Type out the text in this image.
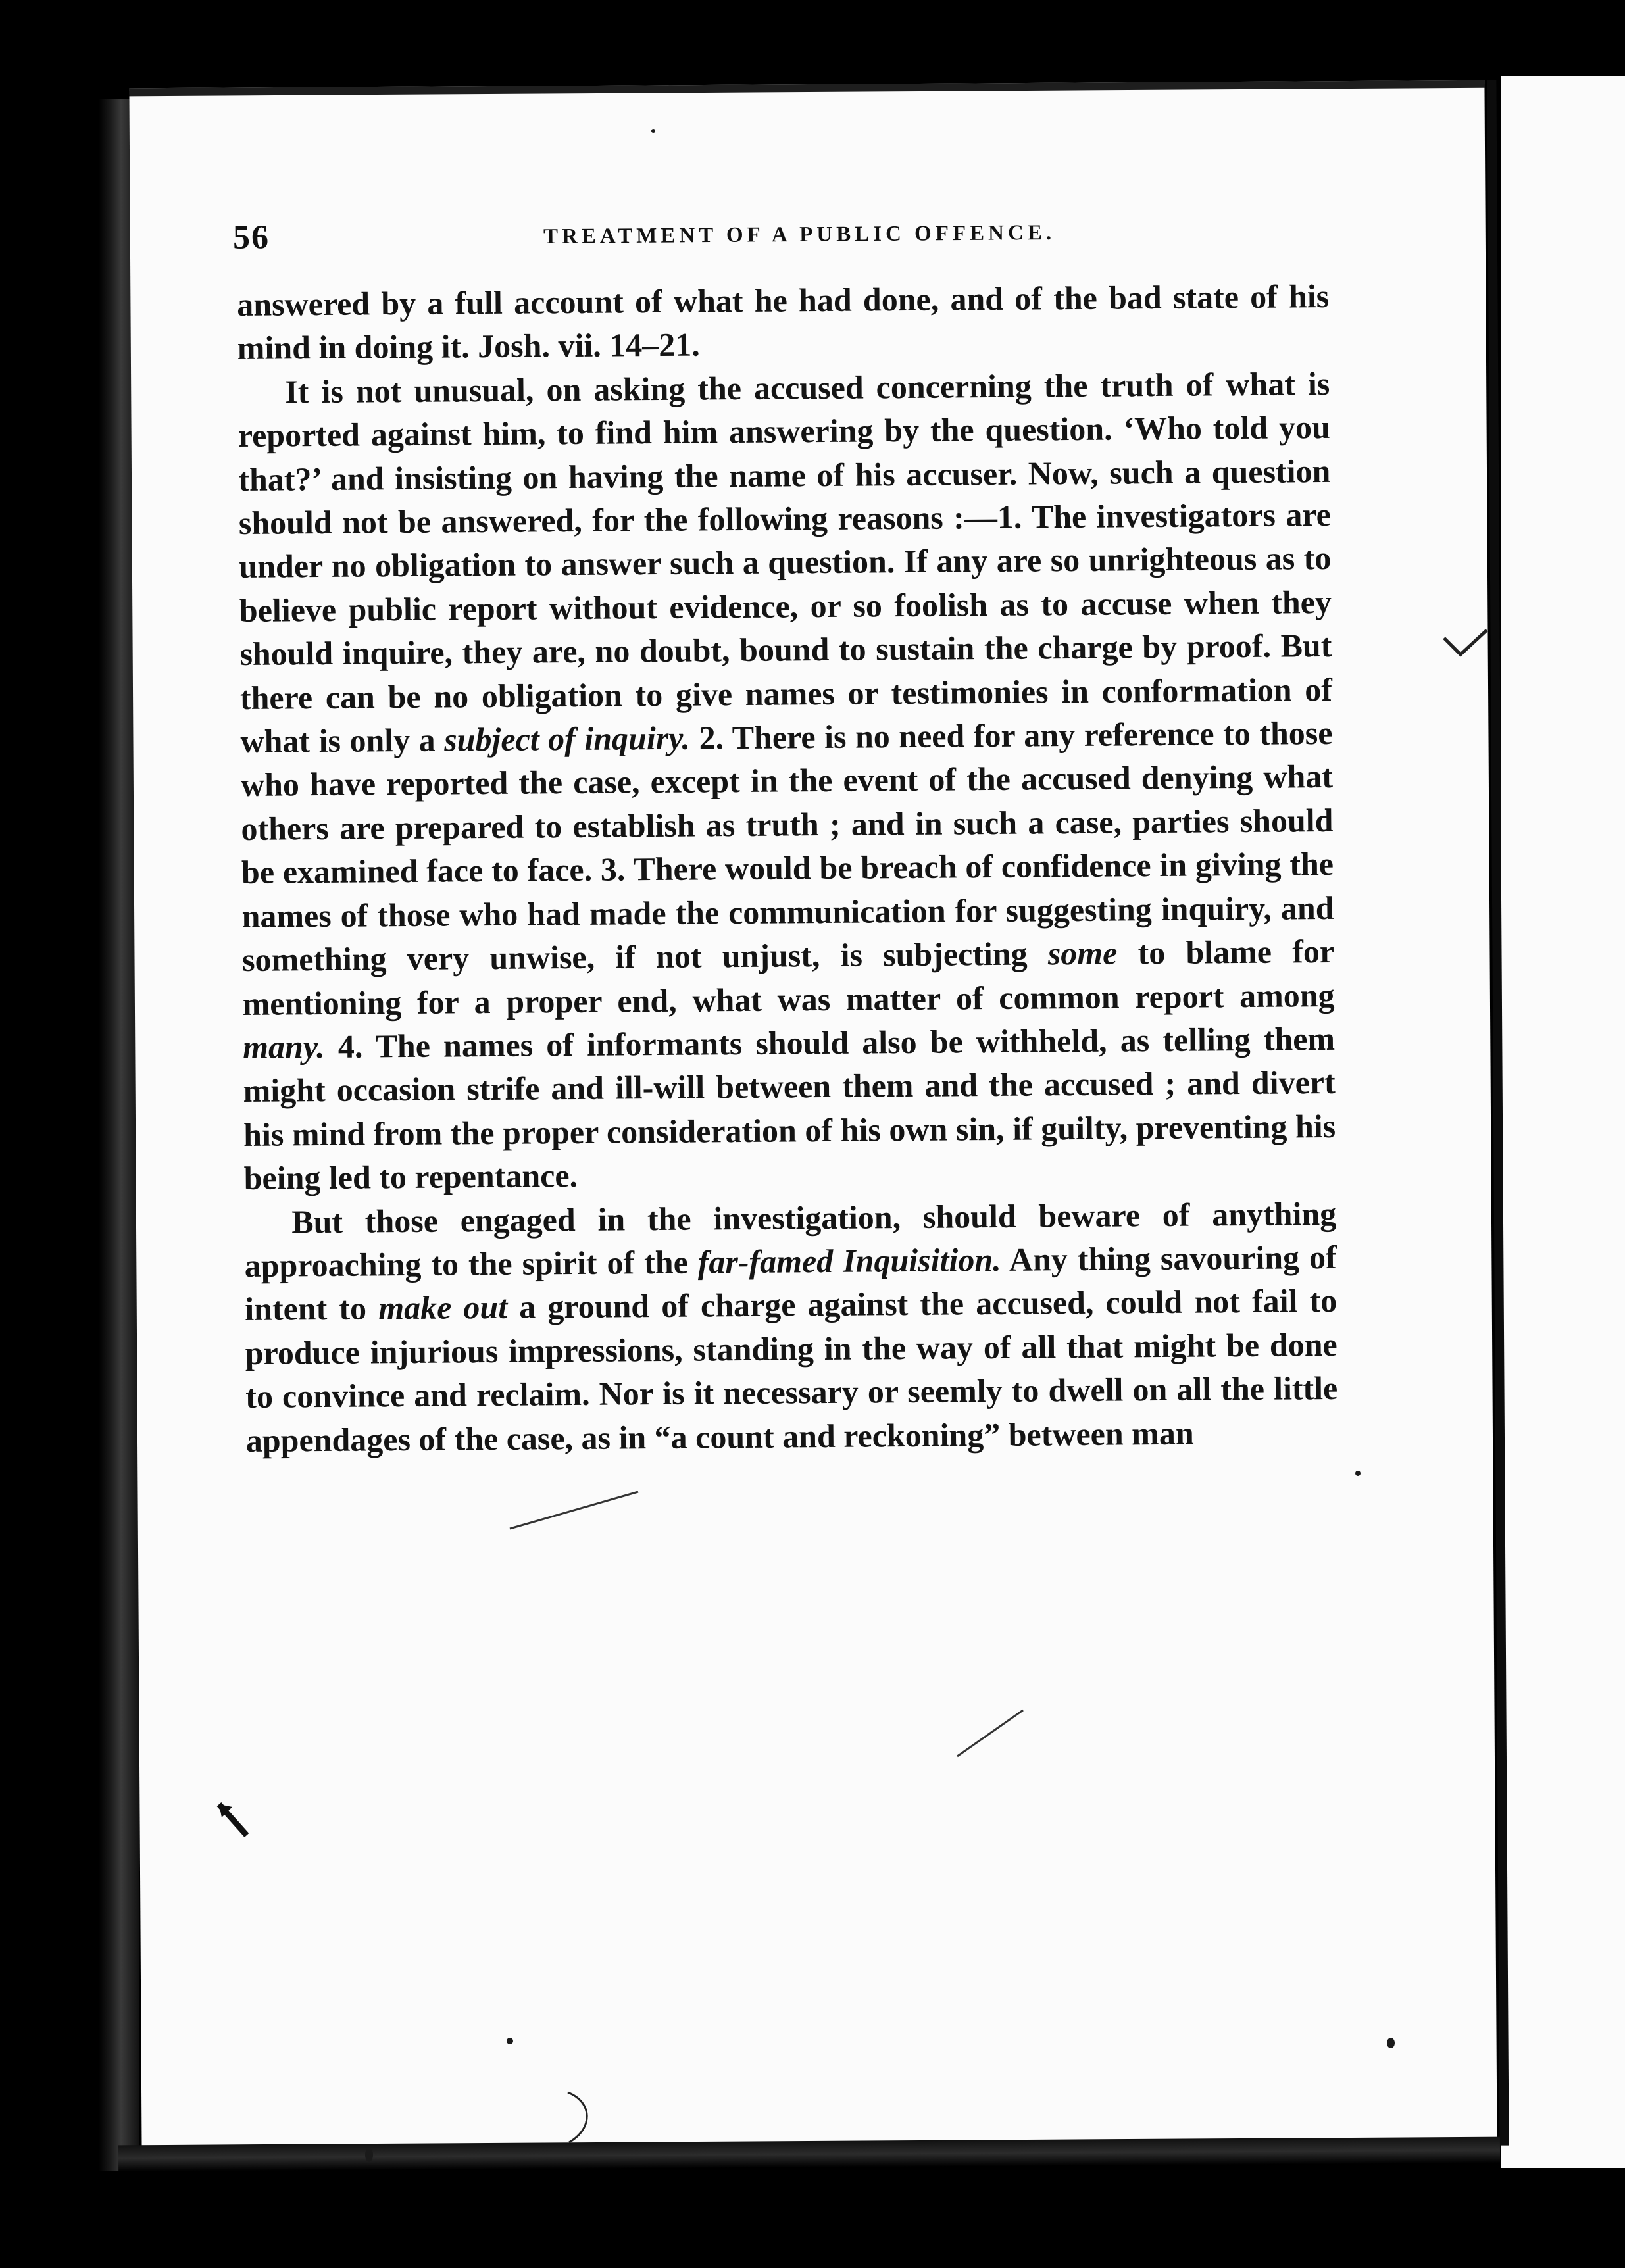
56	TREATMENT OF A PUBLIC OFFENCE.

answered by a full account of what he had done, and of the bad state of his mind in doing it. Josh. vii. 14–21.

It is not unusual, on asking the accused concerning the truth of what is reported against him, to find him answering by the question. ‘Who told you that?’ and insisting on having the name of his accuser. Now, such a question should not be answered, for the following reasons :—1. The investigators are under no obligation to answer such a question. If any are so unrighteous as to believe public report without evidence, or so foolish as to accuse when they should inquire, they are, no doubt, bound to sustain the charge by proof. But there can be no obligation to give names or testimonies in conformation of what is only a subject of inquiry. 2. There is no need for any reference to those who have reported the case, except in the event of the accused denying what others are prepared to establish as truth ; and in such a case, parties should be examined face to face. 3. There would be breach of confidence in giving the names of those who had made the communication for suggesting inquiry, and something very unwise, if not unjust, is subjecting some to blame for mentioning for a proper end, what was matter of common report among many. 4. The names of informants should also be withheld, as telling them might occasion strife and ill-will between them and the accused ; and divert his mind from the proper consideration of his own sin, if guilty, preventing his being led to repentance.

But those engaged in the investigation, should beware of anything approaching to the spirit of the far-famed Inquisition. Any thing savouring of intent to make out a ground of charge against the accused, could not fail to produce injurious impressions, standing in the way of all that might be done to convince and reclaim. Nor is it necessary or seemly to dwell on all the little appendages of the case, as in “a count and reckoning” between man
